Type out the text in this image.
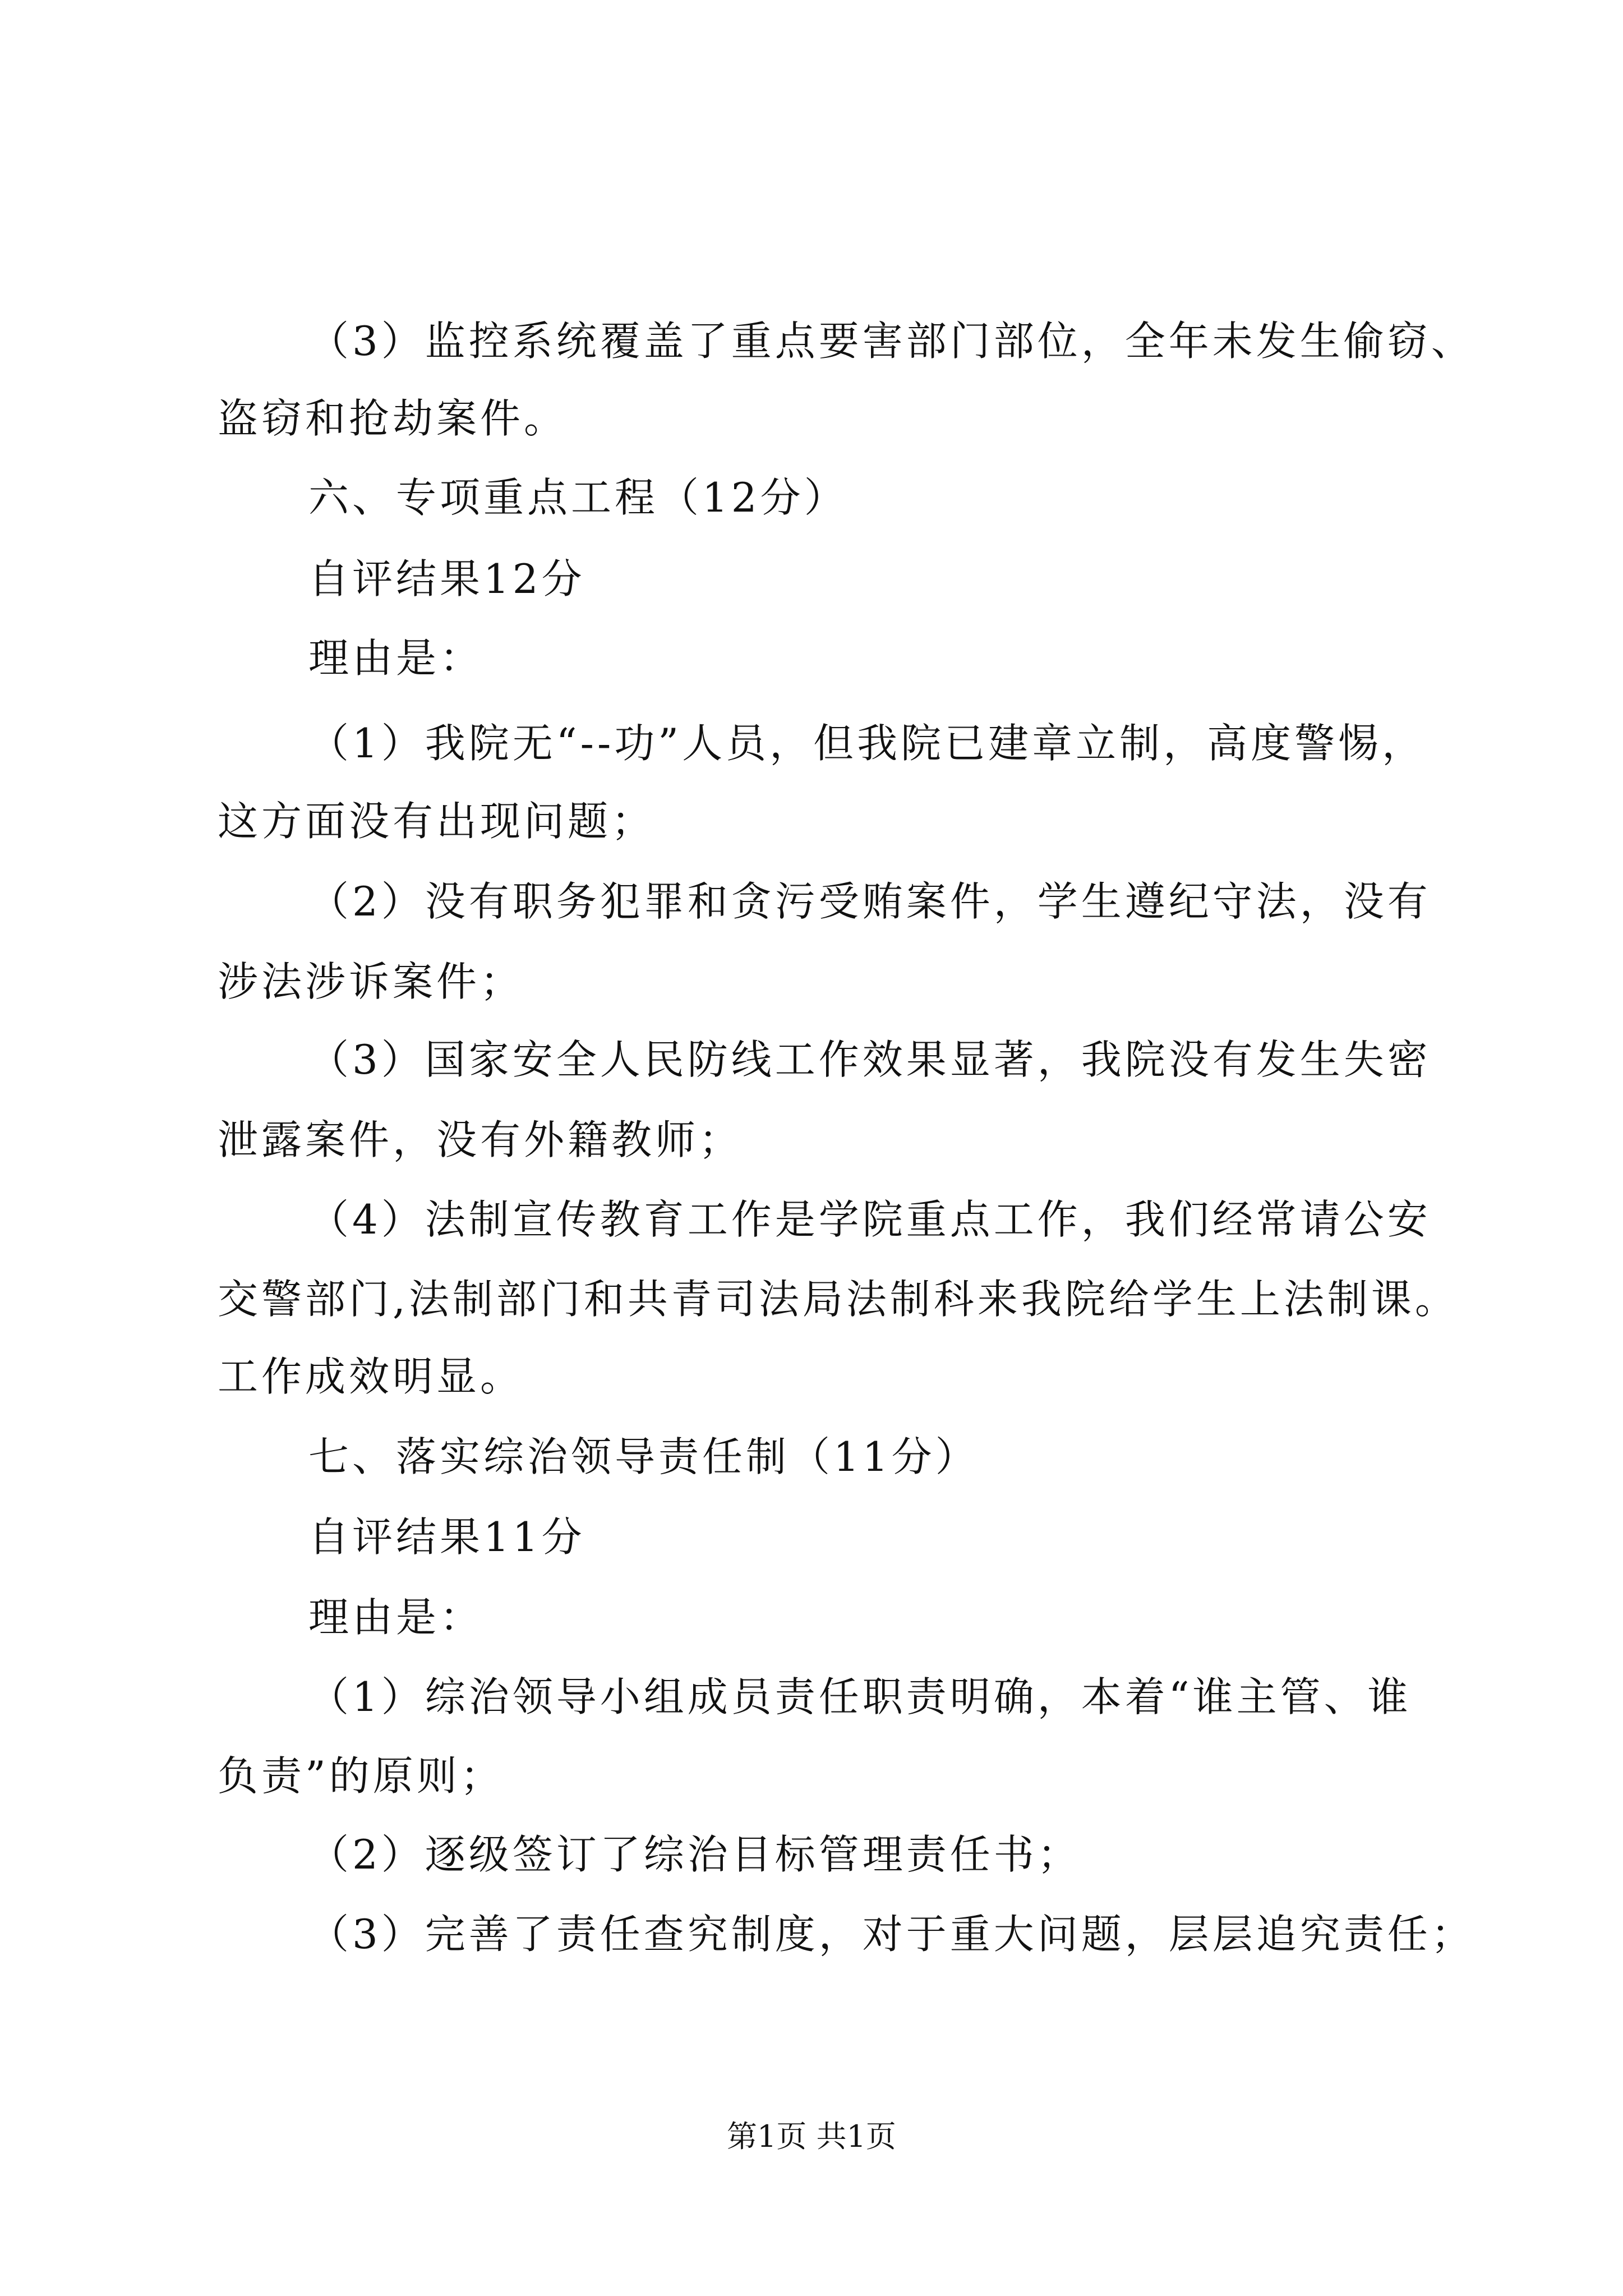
（3）监控系统覆盖了重点要害部门部位，全年未发生偷窃、
盗窃和抢劫案件。
六、专项重点工程（12分）
自评结果12分
理由是：
（1）我院无“--功”人员，但我院已建章立制，高度警惕，
这方面没有出现问题；
（2）没有职务犯罪和贪污受贿案件，学生遵纪守法，没有
涉法涉诉案件；
（3）国家安全人民防线工作效果显著，我院没有发生失密
泄露案件，没有外籍教师；
（4）法制宣传教育工作是学院重点工作，我们经常请公安
交警部门,法制部门和共青司法局法制科来我院给学生上法制课。
工作成效明显。
七、落实综治领导责任制（11分）
自评结果11分
理由是：
（1）综治领导小组成员责任职责明确，本着“谁主管、谁
负责”的原则；
（2）逐级签订了综治目标管理责任书；
（3）完善了责任查究制度，对于重大问题，层层追究责任；
第1页 共1页
